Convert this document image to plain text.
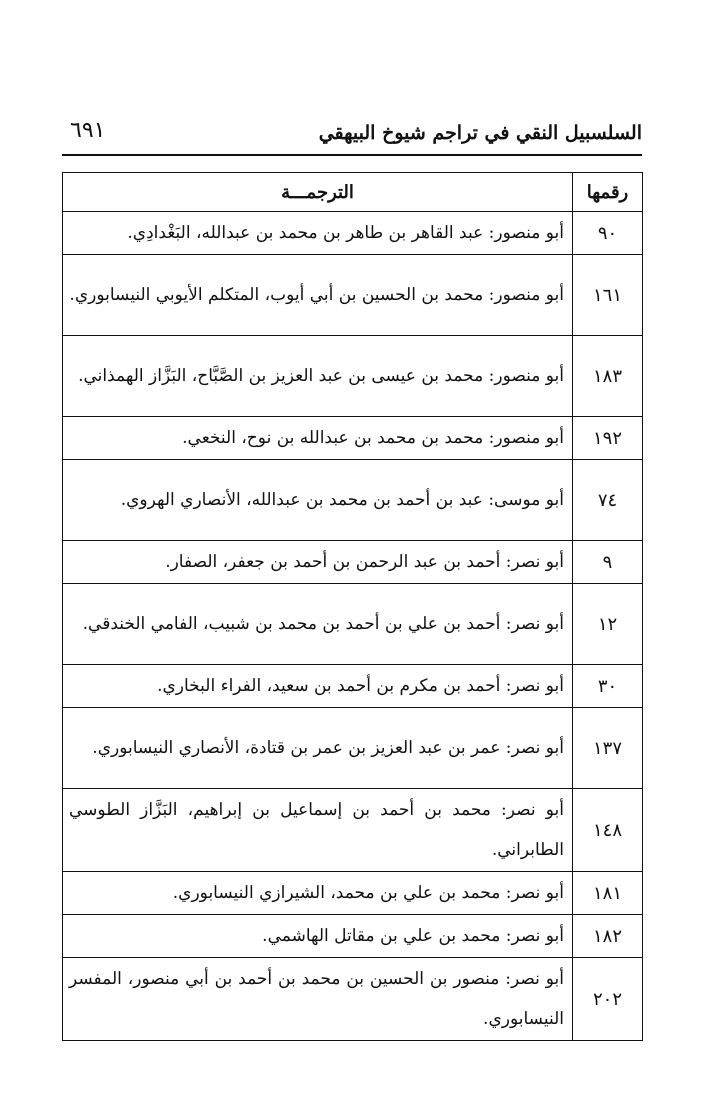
السلسبيل النقي في تراجم شيوخ البيهقي
٦٩١
رقمها	الترجمـــة
٩٠	أبو منصور: عبد القاهر بن طاهر بن محمد بن عبدالله، البَغْدادِي.
١٦١	أبو منصور: محمد بن الحسين بن أبي أيوب، المتكلم الأيوبي النيسابوري.
١٨٣	أبو منصور: محمد بن عيسى بن عبد العزيز بن الصَّبَّاح، البَزَّاز الهمذاني.
١٩٢	أبو منصور: محمد بن محمد بن عبدالله بن نوح، النخعي.
٧٤	أبو موسى: عبد بن أحمد بن محمد بن عبدالله، الأنصاري الهروي.
٩	أبو نصر: أحمد بن عبد الرحمن بن أحمد بن جعفر، الصفار.
١٢	أبو نصر: أحمد بن علي بن أحمد بن محمد بن شبيب، الفامي الخندقي.
٣٠	أبو نصر: أحمد بن مكرم بن أحمد بن سعيد، الفراء البخاري.
١٣٧	أبو نصر: عمر بن عبد العزيز بن عمر بن قتادة، الأنصاري النيسابوري.
١٤٨	أبو نصر: محمد بن أحمد بن إسماعيل بن إبراهيم، البَزَّاز الطوسي الطابراني.
١٨١	أبو نصر: محمد بن علي بن محمد، الشيرازي النيسابوري.
١٨٢	أبو نصر: محمد بن علي بن مقاتل الهاشمي.
٢٠٢	أبو نصر: منصور بن الحسين بن محمد بن أحمد بن أبي منصور، المفسر النيسابوري.
